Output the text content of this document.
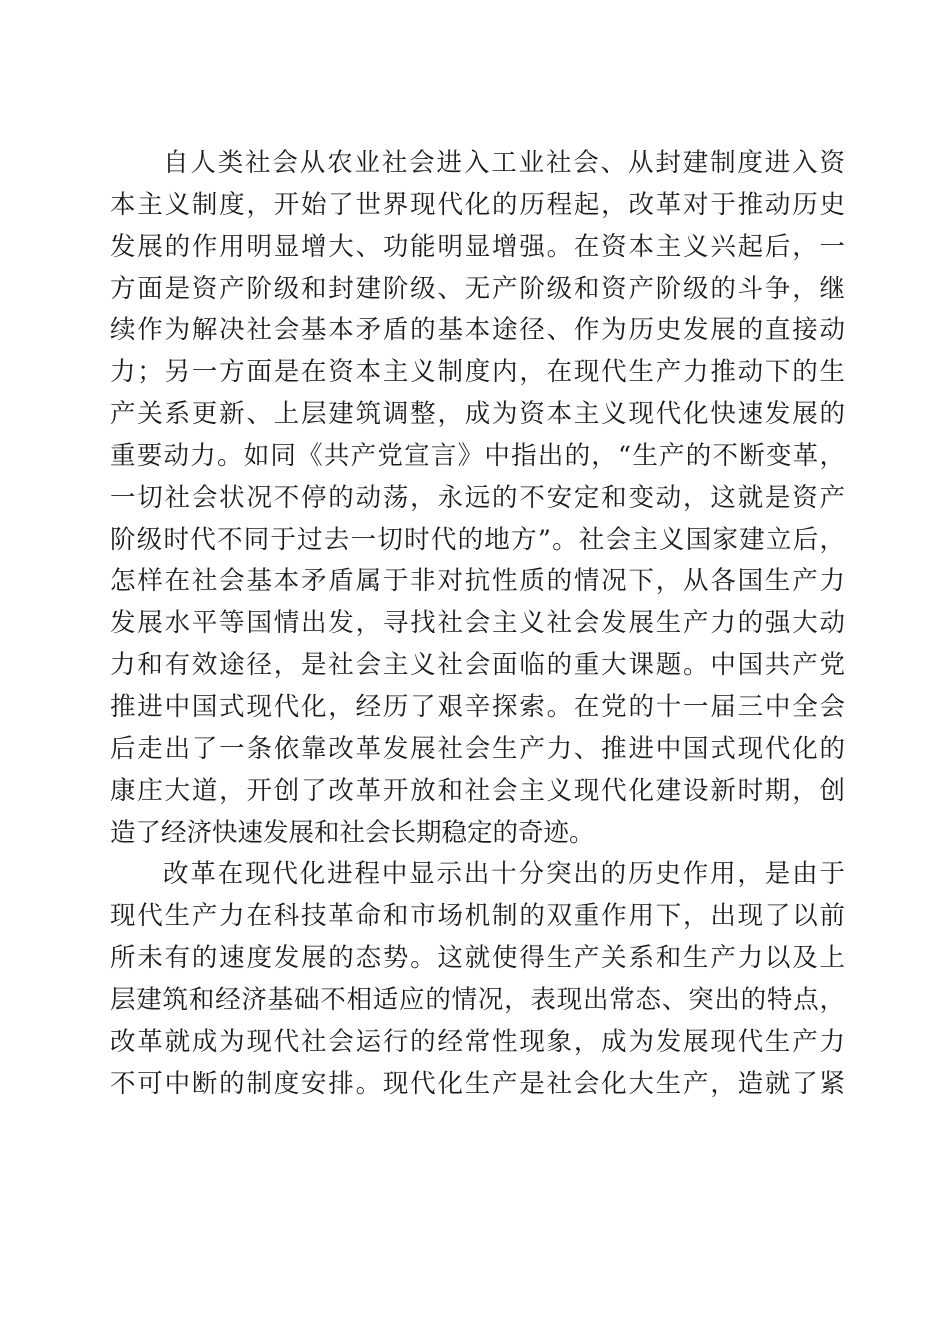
自人类社会从农业社会进入工业社会、从封建制度进入资
本主义制度，开始了世界现代化的历程起，改革对于推动历史
发展的作用明显增大、功能明显增强。在资本主义兴起后，一
方面是资产阶级和封建阶级、无产阶级和资产阶级的斗争，继
续作为解决社会基本矛盾的基本途径、作为历史发展的直接动
力；另一方面是在资本主义制度内，在现代生产力推动下的生
产关系更新、上层建筑调整，成为资本主义现代化快速发展的
重要动力。如同《共产党宣言》中指出的，“生产的不断变革，
一切社会状况不停的动荡，永远的不安定和变动，这就是资产
阶级时代不同于过去一切时代的地方”。社会主义国家建立后，
怎样在社会基本矛盾属于非对抗性质的情况下，从各国生产力
发展水平等国情出发，寻找社会主义社会发展生产力的强大动
力和有效途径，是社会主义社会面临的重大课题。中国共产党
推进中国式现代化，经历了艰辛探索。在党的十一届三中全会
后走出了一条依靠改革发展社会生产力、推进中国式现代化的
康庄大道，开创了改革开放和社会主义现代化建设新时期，创
造了经济快速发展和社会长期稳定的奇迹。
改革在现代化进程中显示出十分突出的历史作用，是由于
现代生产力在科技革命和市场机制的双重作用下，出现了以前
所未有的速度发展的态势。这就使得生产关系和生产力以及上
层建筑和经济基础不相适应的情况，表现出常态、突出的特点，
改革就成为现代社会运行的经常性现象，成为发展现代生产力
不可中断的制度安排。现代化生产是社会化大生产，造就了紧
